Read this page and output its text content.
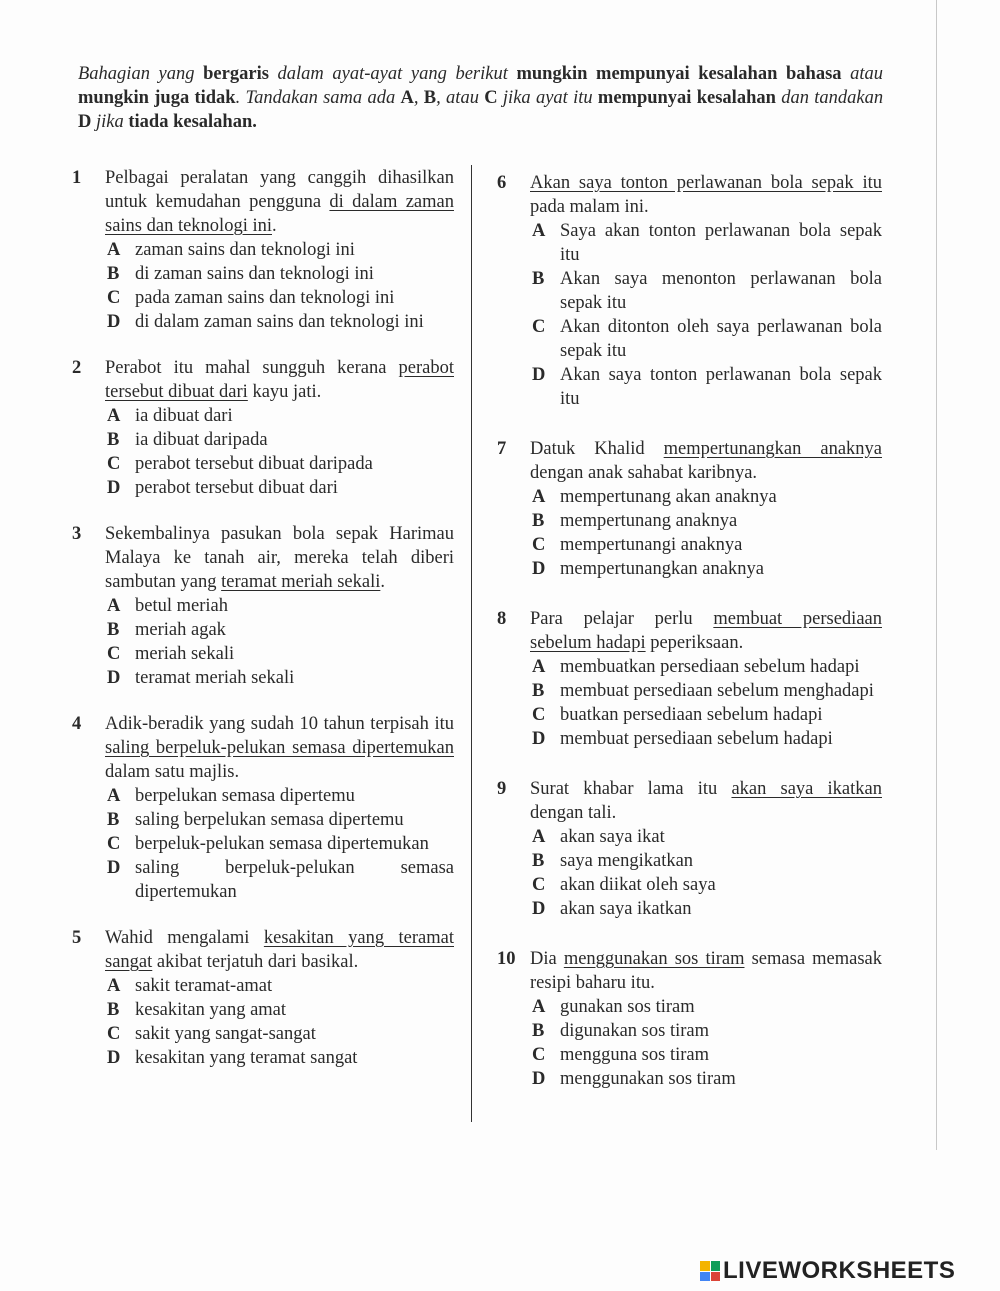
Bahagian yang bergaris dalam ayat-ayat yang berikut mungkin mempunyai kesalahan bahasa atau mungkin juga tidak. Tandakan sama ada A, B, atau C jika ayat itu mempunyai kesalahan dan tandakan D jika tiada kesalahan.
1 Pelbagai peralatan yang canggih dihasilkan untuk kemudahan pengguna di dalam zaman sains dan teknologi ini.
A zaman sains dan teknologi ini
B di zaman sains dan teknologi ini
C pada zaman sains dan teknologi ini
D di dalam zaman sains dan teknologi ini
2 Perabot itu mahal sungguh kerana perabot tersebut dibuat dari kayu jati.
A ia dibuat dari
B ia dibuat daripada
C perabot tersebut dibuat daripada
D perabot tersebut dibuat dari
3 Sekembalinya pasukan bola sepak Harimau Malaya ke tanah air, mereka telah diberi sambutan yang teramat meriah sekali.
A betul meriah
B meriah agak
C meriah sekali
D teramat meriah sekali
4 Adik-beradik yang sudah 10 tahun terpisah itu saling berpeluk-pelukan semasa dipertemukan dalam satu majlis.
A berpelukan semasa dipertemu
B saling berpelukan semasa dipertemu
C berpeluk-pelukan semasa dipertemukan
D saling berpeluk-pelukan semasa dipertemukan
5 Wahid mengalami kesakitan yang teramat sangat akibat terjatuh dari basikal.
A sakit teramat-amat
B kesakitan yang amat
C sakit yang sangat-sangat
D kesakitan yang teramat sangat
6 Akan saya tonton perlawanan bola sepak itu pada malam ini.
A Saya akan tonton perlawanan bola sepak itu
B Akan saya menonton perlawanan bola sepak itu
C Akan ditonton oleh saya perlawanan bola sepak itu
D Akan saya tonton perlawanan bola sepak itu
7 Datuk Khalid mempertunangkan anaknya dengan anak sahabat karibnya.
A mempertunang akan anaknya
B mempertunang anaknya
C mempertunangi anaknya
D mempertunangkan anaknya
8 Para pelajar perlu membuat persediaan sebelum hadapi peperiksaan.
A membuatkan persediaan sebelum hadapi
B membuat persediaan sebelum menghadapi
C buatkan persediaan sebelum hadapi
D membuat persediaan sebelum hadapi
9 Surat khabar lama itu akan saya ikatkan dengan tali.
A akan saya ikat
B saya mengikatkan
C akan diikat oleh saya
D akan saya ikatkan
10 Dia menggunakan sos tiram semasa memasak resipi baharu itu.
A gunakan sos tiram
B digunakan sos tiram
C mengguna sos tiram
D menggunakan sos tiram
LIVEWORKSHEETS
